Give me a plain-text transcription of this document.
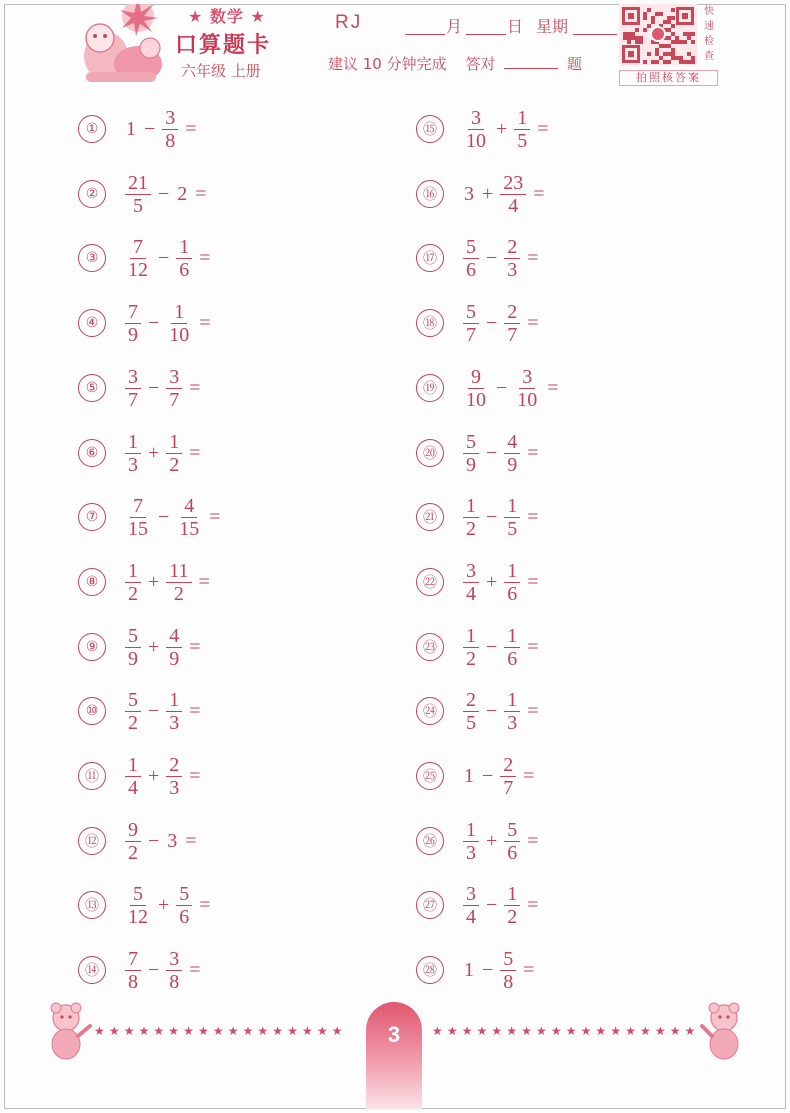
★ 数学 ★
口算题卡
六年级 上册
RJ	月	日 星期
建议 10 分钟完成 答对	题
快速检查
拍照核答案
①	$1 - \frac{3}{8}$ =
②	$\frac{21}{5} - 2$ =
③	$\frac{7}{12} - \frac{1}{6}$ =
④	$\frac{7}{9} - \frac{1}{10}$ =
⑤	$\frac{3}{7} - \frac{3}{7}$ =
⑥	$\frac{1}{3} + \frac{1}{2}$ =
⑦	$\frac{7}{15} - \frac{4}{15}$ =
⑧	$\frac{1}{2} + \frac{11}{2}$ =
⑨	$\frac{5}{9} + \frac{4}{9}$ =
⑩	$\frac{5}{2} - \frac{1}{3}$ =
⑪	$\frac{1}{4} + \frac{2}{3}$ =
⑫	$\frac{9}{2} - 3$ =
⑬	$\frac{5}{12} + \frac{5}{6}$ =
⑭	$\frac{7}{8} - \frac{3}{8}$ =
⑮	$\frac{3}{10} + \frac{1}{5}$ =
⑯	$3 + \frac{23}{4}$ =
⑰	$\frac{5}{6} - \frac{2}{3}$ =
⑱	$\frac{5}{7} - \frac{2}{7}$ =
⑲	$\frac{9}{10} - \frac{3}{10}$ =
⑳	$\frac{5}{9} - \frac{4}{9}$ =
㉑	$\frac{1}{2} - \frac{1}{5}$ =
㉒	$\frac{3}{4} + \frac{1}{6}$ =
㉓	$\frac{1}{2} - \frac{1}{6}$ =
㉔	$\frac{2}{5} - \frac{1}{3}$ =
㉕	$1 - \frac{2}{7}$ =
㉖	$\frac{1}{3} + \frac{5}{6}$ =
㉗	$\frac{3}{4} - \frac{1}{2}$ =
㉘	$1 - \frac{5}{8}$ =
★★★★★★★★★★★★★★★★★	3	★★★★★★★★★★★★★★★★★★
